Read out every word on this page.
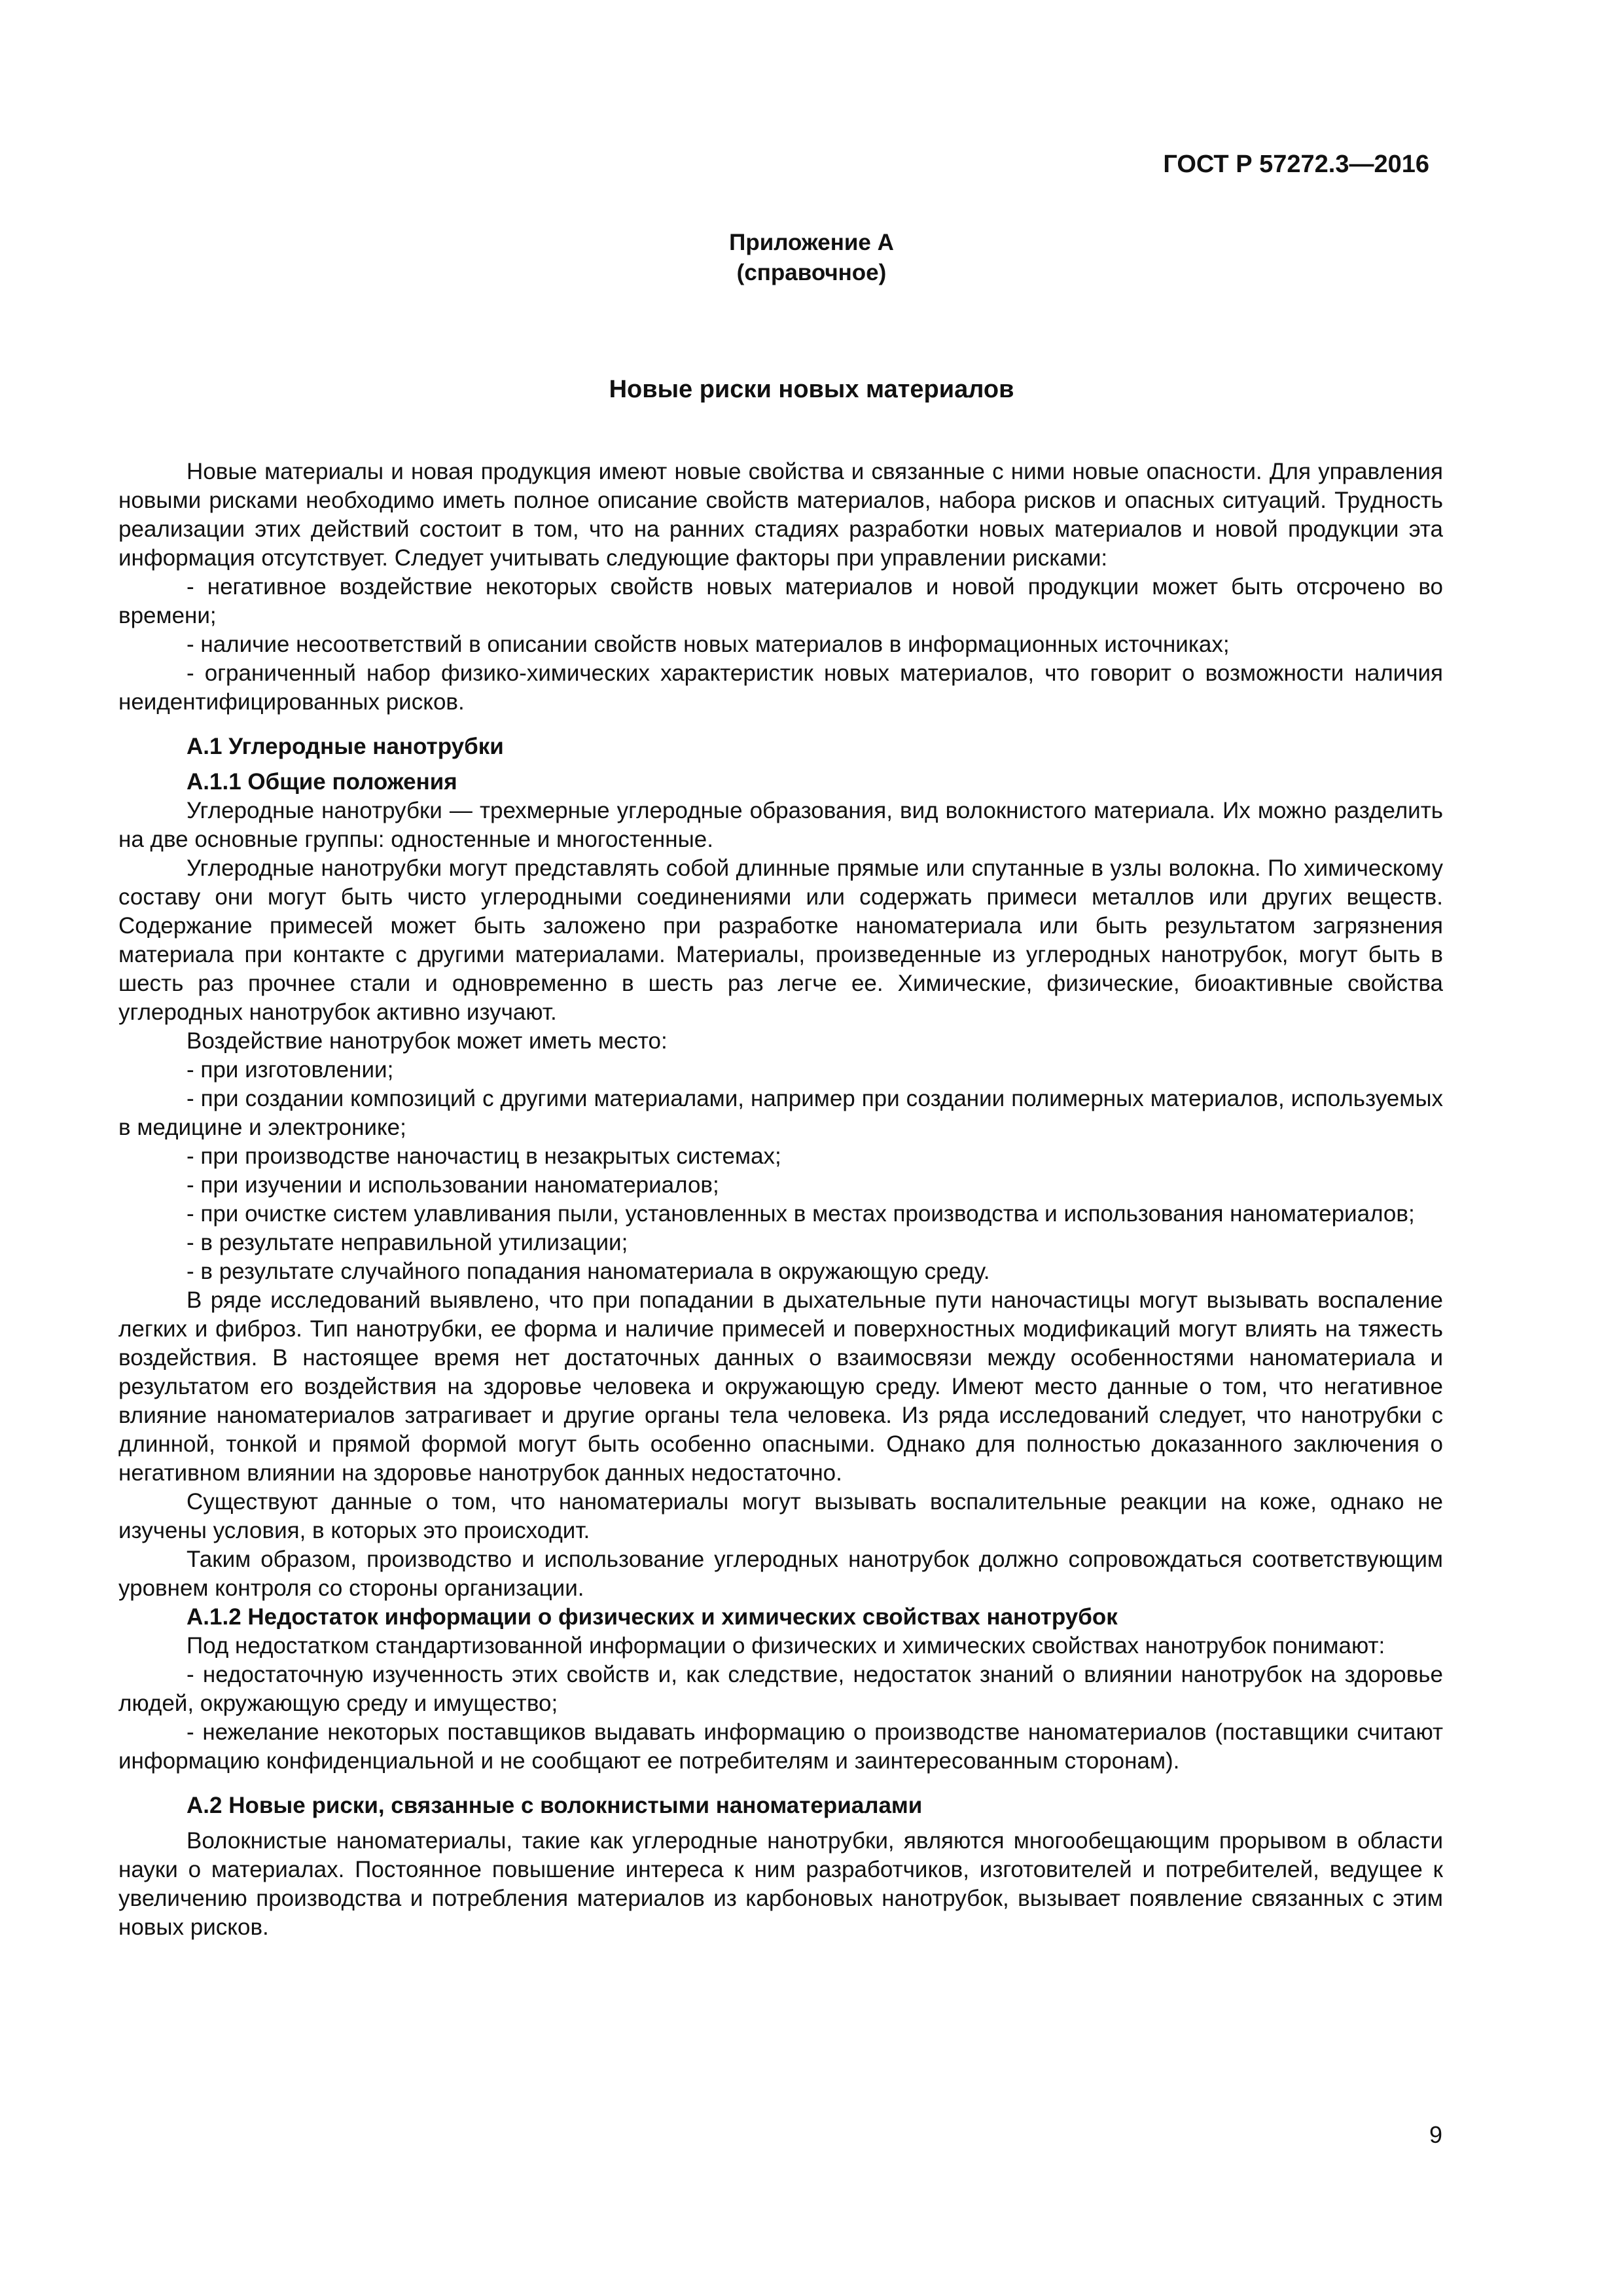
ГОСТ Р 57272.3—2016
Приложение А
(справочное)
Новые риски новых материалов

Новые материалы и новая продукция имеют новые свойства и связанные с ними новые опасности. Для управления новыми рисками необходимо иметь полное описание свойств материалов, набора рисков и опасных ситуаций. Трудность реализации этих действий состоит в том, что на ранних стадиях разработки новых материалов и новой продукции эта информация отсутствует. Следует учитывать следующие факторы при управлении рисками:

- негативное воздействие некоторых свойств новых материалов и новой продукции может быть отсрочено во времени;

- наличие несоответствий в описании свойств новых материалов в информационных источниках;

- ограниченный набор физико-химических характеристик новых материалов, что говорит о возможности наличия неидентифицированных рисков.

А.1 Углеродные нанотрубки
А.1.1 Общие положения

Углеродные нанотрубки — трехмерные углеродные образования, вид волокнистого материала. Их можно разделить на две основные группы: одностенные и многостенные.

Углеродные нанотрубки могут представлять собой длинные прямые или спутанные в узлы волокна. По химическому составу они могут быть чисто углеродными соединениями или содержать примеси металлов или других веществ. Содержание примесей может быть заложено при разработке наноматериала или быть результатом загрязнения материала при контакте с другими материалами. Материалы, произведенные из углеродных нанотрубок, могут быть в шесть раз прочнее стали и одновременно в шесть раз легче ее. Химические, физические, биоактивные свойства углеродных нанотрубок активно изучают.

Воздействие нанотрубок может иметь место:

- при изготовлении;

- при создании композиций с другими материалами, например при создании полимерных материалов, используемых в медицине и электронике;

- при производстве наночастиц в незакрытых системах;

- при изучении и использовании наноматериалов;

- при очистке систем улавливания пыли, установленных в местах производства и использования наноматериалов;

- в результате неправильной утилизации;

- в результате случайного попадания наноматериала в окружающую среду.

В ряде исследований выявлено, что при попадании в дыхательные пути наночастицы могут вызывать воспаление легких и фиброз. Тип нанотрубки, ее форма и наличие примесей и поверхностных модификаций могут влиять на тяжесть воздействия. В настоящее время нет достаточных данных о взаимосвязи между особенностями наноматериала и результатом его воздействия на здоровье человека и окружающую среду. Имеют место данные о том, что негативное влияние наноматериалов затрагивает и другие органы тела человека. Из ряда исследований следует, что нанотрубки с длинной, тонкой и прямой формой могут быть особенно опасными. Однако для полностью доказанного заключения о негативном влиянии на здоровье нанотрубок данных недостаточно.

Существуют данные о том, что наноматериалы могут вызывать воспалительные реакции на коже, однако не изучены условия, в которых это происходит.

Таким образом, производство и использование углеродных нанотрубок должно сопровождаться соответствующим уровнем контроля со стороны организации.

А.1.2 Недостаток информации о физических и химических свойствах нанотрубок

Под недостатком стандартизованной информации о физических и химических свойствах нанотрубок понимают:

- недостаточную изученность этих свойств и, как следствие, недостаток знаний о влиянии нанотрубок на здоровье людей, окружающую среду и имущество;

- нежелание некоторых поставщиков выдавать информацию о производстве наноматериалов (поставщики считают информацию конфиденциальной и не сообщают ее потребителям и заинтересованным сторонам).

А.2 Новые риски, связанные с волокнистыми наноматериалами

Волокнистые наноматериалы, такие как углеродные нанотрубки, являются многообещающим прорывом в области науки о материалах. Постоянное повышение интереса к ним разработчиков, изготовителей и потребителей, ведущее к увеличению производства и потребления материалов из карбоновых нанотрубок, вызывает появление связанных с этим новых рисков.

9
